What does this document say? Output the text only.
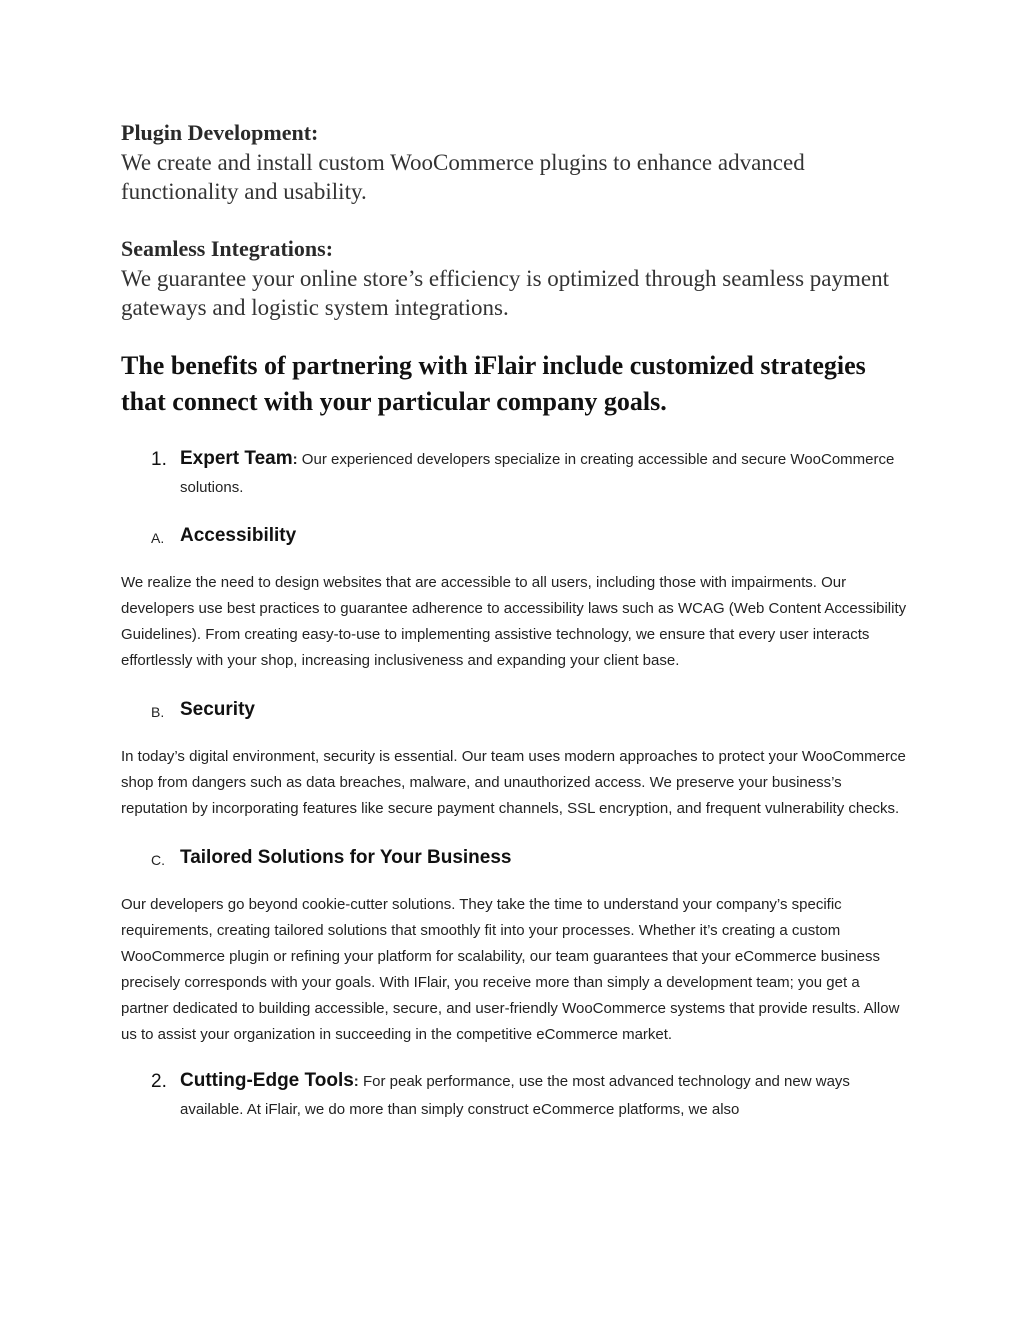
Plugin Development:

We create and install custom WooCommerce plugins to enhance advanced functionality and usability.

Seamless Integrations:

We guarantee your online store’s efficiency is optimized through seamless payment gateways and logistic system integrations.

The benefits of partnering with iFlair include customized strategies that connect with your particular company goals.
1. Expert Team: Our experienced developers specialize in creating accessible and secure WooCommerce solutions.
A. Accessibility

We realize the need to design websites that are accessible to all users, including those with impairments. Our developers use best practices to guarantee adherence to accessibility laws such as WCAG (Web Content Accessibility Guidelines). From creating easy-to-use to implementing assistive technology, we ensure that every user interacts effortlessly with your shop, increasing inclusiveness and expanding your client base.

B. Security

In today’s digital environment, security is essential. Our team uses modern approaches to protect your WooCommerce shop from dangers such as data breaches, malware, and unauthorized access. We preserve your business’s reputation by incorporating features like secure payment channels, SSL encryption, and frequent vulnerability checks.

C. Tailored Solutions for Your Business

Our developers go beyond cookie-cutter solutions. They take the time to understand your company’s specific requirements, creating tailored solutions that smoothly fit into your processes. Whether it’s creating a custom WooCommerce plugin or refining your platform for scalability, our team guarantees that your eCommerce business precisely corresponds with your goals. With IFlair, you receive more than simply a development team; you get a partner dedicated to building accessible, secure, and user-friendly WooCommerce systems that provide results. Allow us to assist your organization in succeeding in the competitive eCommerce market.

2. Cutting-Edge Tools: For peak performance, use the most advanced technology and new ways available. At iFlair, we do more than simply construct eCommerce platforms, we also
